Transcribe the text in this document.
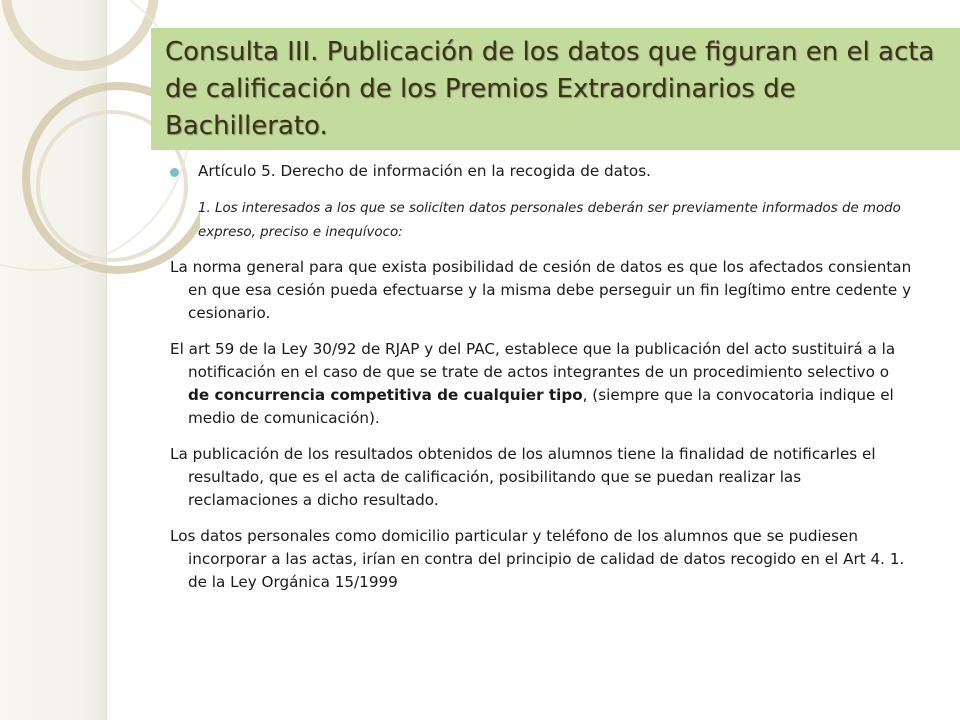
Consulta III. Publicación de los datos que figuran en el acta de calificación de los Premios Extraordinarios de Bachillerato.
Artículo 5. Derecho de información en la recogida de datos.

1. Los interesados a los que se soliciten datos personales deberán ser previamente informados de modo expreso, preciso e inequívoco:

La norma general para que exista posibilidad de cesión de datos es que los afectados consientan en que esa cesión pueda efectuarse y la misma debe perseguir un fin legítimo entre cedente y cesionario.

El art 59 de la Ley 30/92 de RJAP y del PAC, establece que la publicación del acto sustituirá a la notificación en el caso de que se trate de actos integrantes de un procedimiento selectivo o de concurrencia competitiva de cualquier tipo, (siempre que la convocatoria indique el medio de comunicación).

La publicación de los resultados obtenidos de los alumnos tiene la finalidad de notificarles el resultado, que es el acta de calificación, posibilitando que se puedan realizar las reclamaciones a dicho resultado.

Los datos personales como domicilio particular y teléfono de los alumnos que se pudiesen incorporar a las actas, irían en contra del principio de calidad de datos recogido en el Art 4. 1. de la Ley Orgánica 15/1999
